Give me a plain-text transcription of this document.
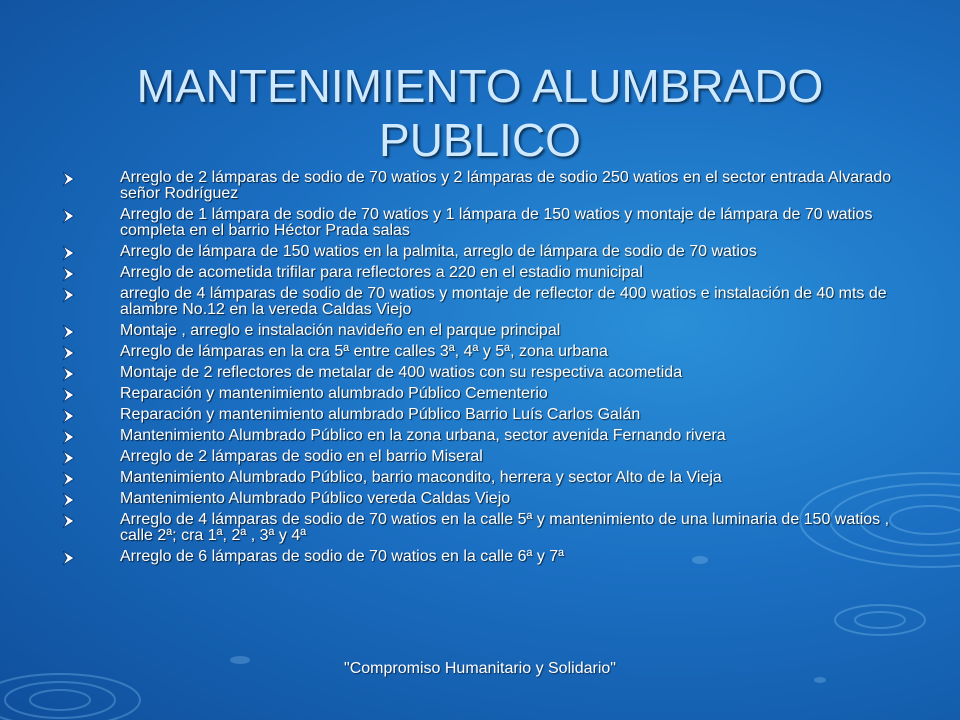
MANTENIMIENTO ALUMBRADO PUBLICO
Arreglo de 2 lámparas de sodio de 70 watios y 2 lámparas de sodio 250 watios en el sector entrada Alvarado señor Rodríguez
Arreglo de 1 lámpara de sodio de 70 watios y 1 lámpara de 150 watios y montaje de lámpara de 70 watios completa en el barrio Héctor Prada salas
Arreglo de lámpara de 150 watios en la palmita, arreglo de lámpara de sodio de 70 watios
Arreglo de acometida trifilar para reflectores a 220 en el estadio municipal
arreglo de 4 lámparas de sodio de 70 watios y montaje de reflector de 400 watios e instalación de 40 mts de alambre No.12 en la vereda Caldas Viejo
Montaje , arreglo e instalación navideño en el parque principal
Arreglo de lámparas en la cra 5ª entre calles 3ª, 4ª y 5ª, zona urbana
Montaje de 2 reflectores de metalar de 400 watios con su respectiva acometida
Reparación y mantenimiento alumbrado Público Cementerio
Reparación y mantenimiento alumbrado Público Barrio Luís Carlos Galán
Mantenimiento Alumbrado Público en la zona urbana, sector avenida Fernando rivera
Arreglo de 2 lámparas de sodio en el barrio Miseral
Mantenimiento Alumbrado Público, barrio macondito, herrera y sector Alto de la Vieja
Mantenimiento Alumbrado Público vereda Caldas Viejo
Arreglo de 4 lámparas de sodio de 70 watios en la calle 5ª y mantenimiento de una luminaria de 150 watios , calle 2ª; cra 1ª, 2ª , 3ª y 4ª
Arreglo de 6 lámparas de sodio de 70 watios en la calle 6ª y 7ª
"Compromiso Humanitario y Solidario"
